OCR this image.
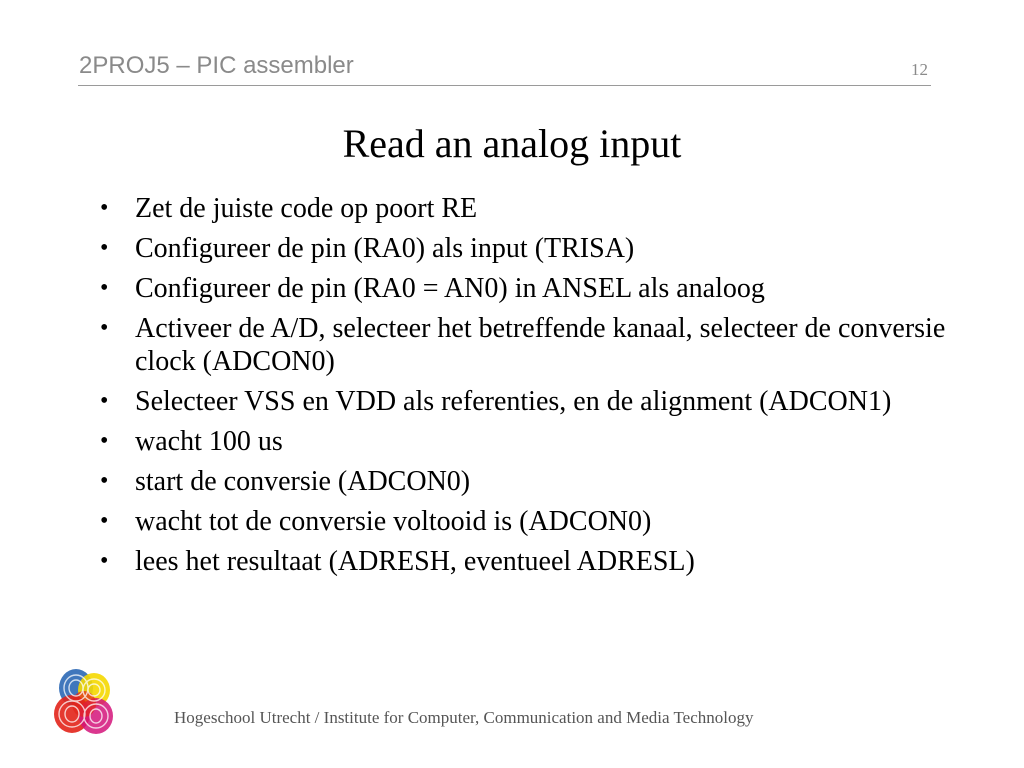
2PROJ5 – PIC assembler	12
Read an analog input
• Zet de juiste code op poort RE
• Configureer de pin (RA0) als input (TRISA)
• Configureer de pin (RA0 = AN0) in ANSEL als analoog
• Activeer de A/D, selecteer het betreffende kanaal, selecteer de conversie clock (ADCON0)
• Selecteer VSS en VDD als referenties, en de alignment (ADCON1)
• wacht 100 us
• start de conversie (ADCON0)
• wacht tot de conversie voltooid is (ADCON0)
• lees het resultaat (ADRESH, eventueel ADRESL)
Hogeschool Utrecht / Institute for Computer, Communication and Media Technology
